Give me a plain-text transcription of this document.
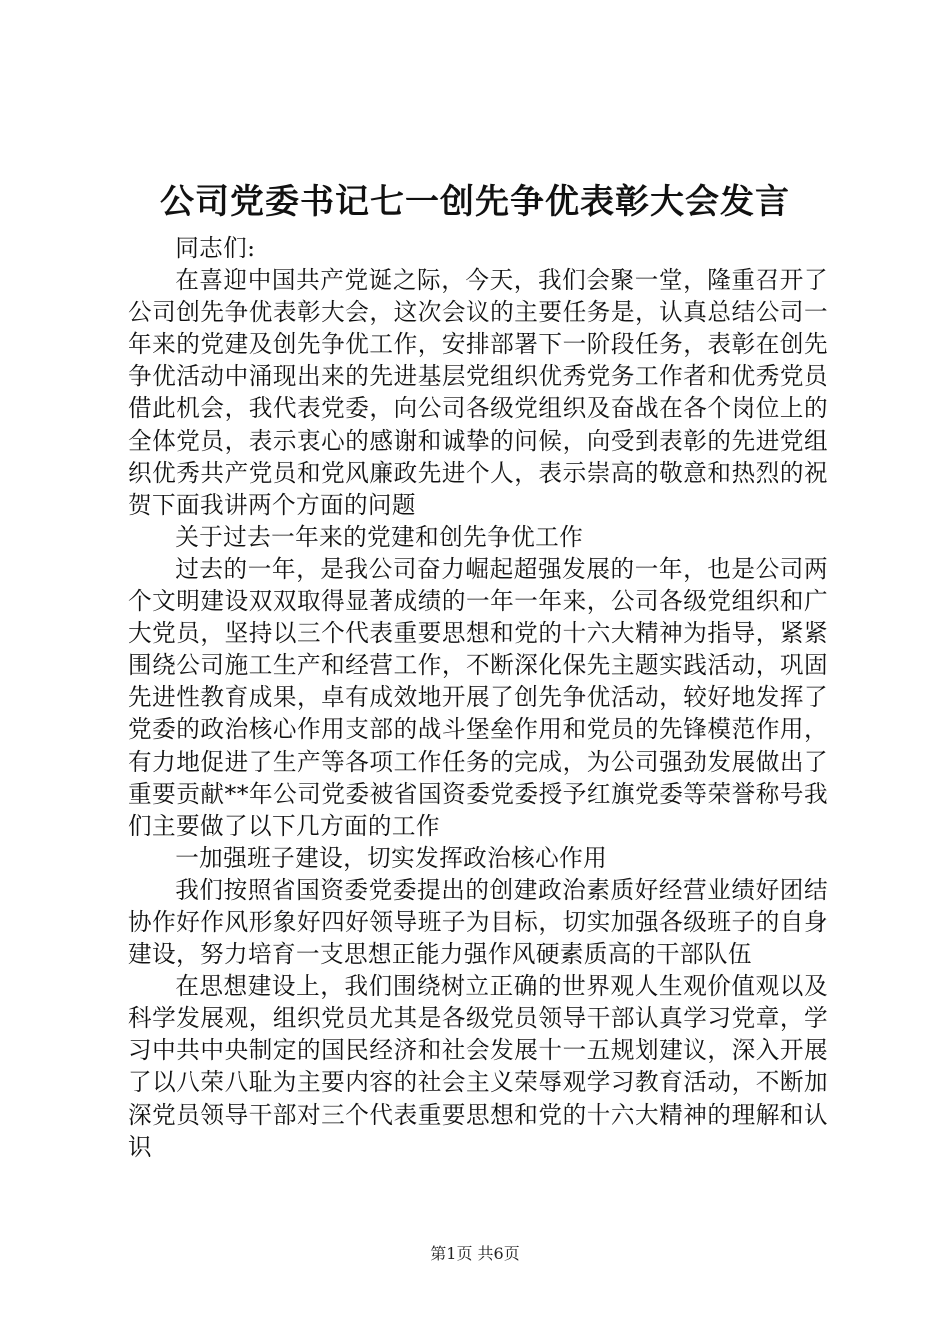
公司党委书记七一创先争优表彰大会发言

同志们:

在喜迎中国共产党诞之际，今天，我们会聚一堂，隆重召开了公司创先争优表彰大会，这次会议的主要任务是，认真总结公司一年来的党建及创先争优工作，安排部署下一阶段任务，表彰在创先争优活动中涌现出来的先进基层党组织优秀党务工作者和优秀党员借此机会，我代表党委，向公司各级党组织及奋战在各个岗位上的全体党员，表示衷心的感谢和诚挚的问候，向受到表彰的先进党组织优秀共产党员和党风廉政先进个人，表示崇高的敬意和热烈的祝贺下面我讲两个方面的问题

关于过去一年来的党建和创先争优工作

过去的一年，是我公司奋力崛起超强发展的一年，也是公司两个文明建设双双取得显著成绩的一年一年来，公司各级党组织和广大党员，坚持以三个代表重要思想和党的十六大精神为指导，紧紧围绕公司施工生产和经营工作，不断深化保先主题实践活动，巩固先进性教育成果，卓有成效地开展了创先争优活动，较好地发挥了党委的政治核心作用支部的战斗堡垒作用和党员的先锋模范作用，有力地促进了生产等各项工作任务的完成，为公司强劲发展做出了重要贡献**年公司党委被省国资委党委授予红旗党委等荣誉称号我们主要做了以下几方面的工作

一加强班子建设，切实发挥政治核心作用

我们按照省国资委党委提出的创建政治素质好经营业绩好团结协作好作风形象好四好领导班子为目标，切实加强各级班子的自身建设，努力培育一支思想正能力强作风硬素质高的干部队伍

在思想建设上，我们围绕树立正确的世界观人生观价值观以及科学发展观，组织党员尤其是各级党员领导干部认真学习党章，学习中共中央制定的国民经济和社会发展十一五规划建议，深入开展了以八荣八耻为主要内容的社会主义荣辱观学习教育活动，不断加深党员领导干部对三个代表重要思想和党的十六大精神的理解和认识

第1页 共6页
